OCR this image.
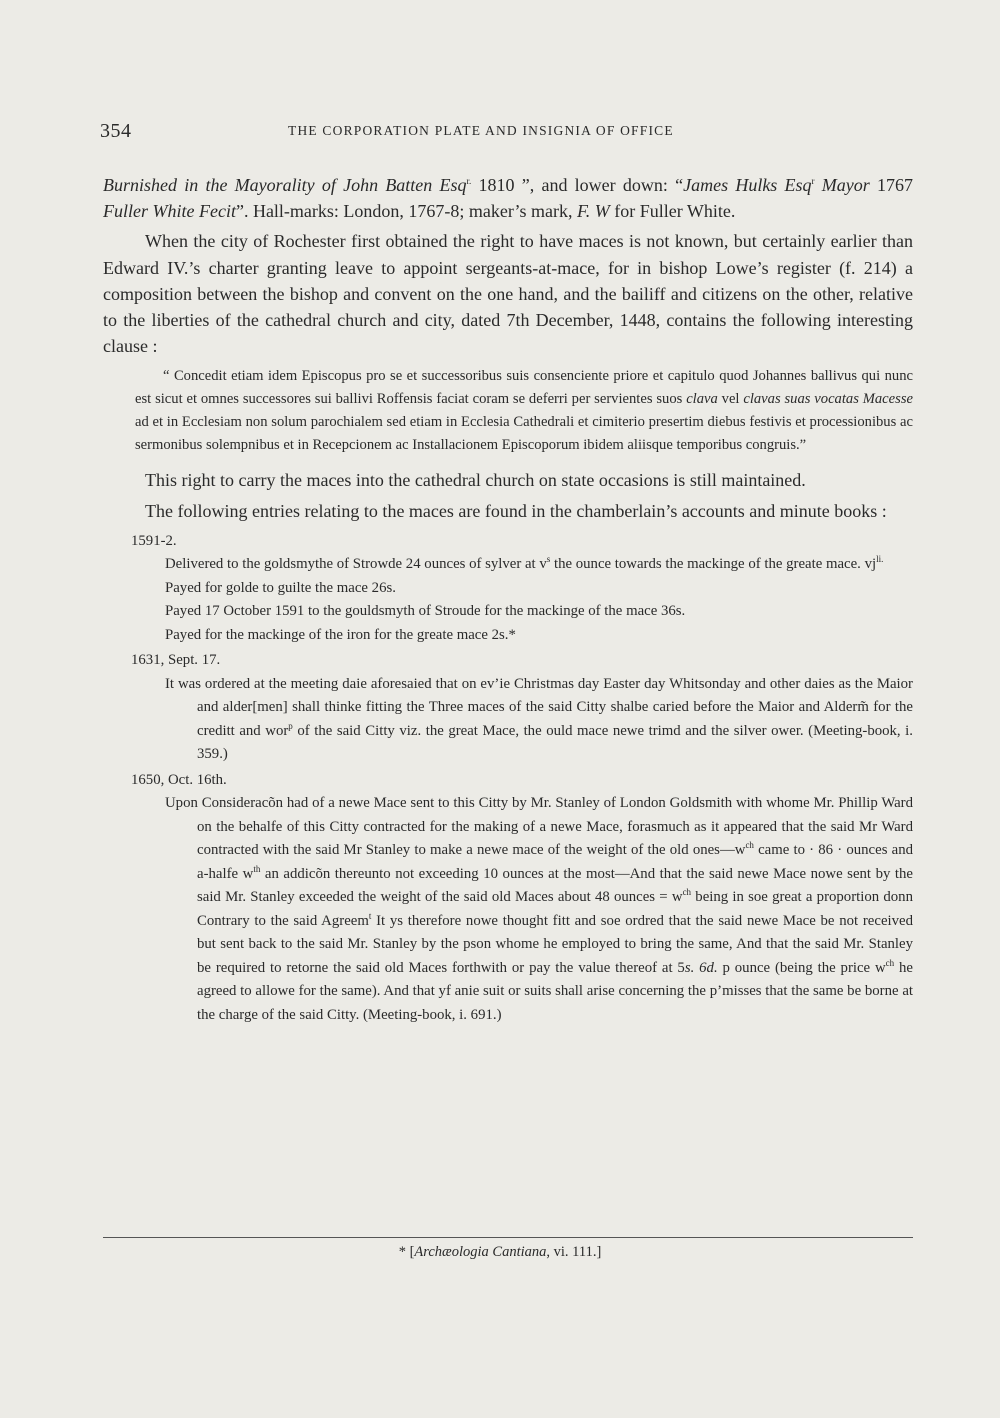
354	THE CORPORATION PLATE AND INSIGNIA OF OFFICE

Burnished in the Mayorality of John Batten Esq$^{r.}$ 1810 ”, and lower down: “James Hulks Esq$^r$ Mayor 1767 Fuller White Fecit”. Hall-marks: London, 1767-8; maker’s mark, F. W for Fuller White.

When the city of Rochester first obtained the right to have maces is not known, but certainly earlier than Edward IV.’s charter granting leave to appoint sergeants-at-mace, for in bishop Lowe’s register (f. 214) a composition between the bishop and convent on the one hand, and the bailiff and citizens on the other, relative to the liberties of the cathedral church and city, dated 7th December, 1448, contains the following interesting clause :

“ Concedit etiam idem Episcopus pro se et successoribus suis consenciente priore et capitulo quod Johannes ballivus qui nunc est sicut et omnes successores sui ballivi Roffensis faciat coram se deferri per servientes suos clava vel clavas suas vocatas Macesse ad et in Ecclesiam non solum parochialem sed etiam in Ecclesia Cathedrali et cimiterio presertim diebus festivis et processionibus ac sermonibus solempnibus et in Recepcionem ac Installacionem Episcoporum ibidem aliisque temporibus congruis.”

This right to carry the maces into the cathedral church on state occasions is still maintained.

The following entries relating to the maces are found in the chamberlain’s accounts and minute books :

1591-2.
Delivered to the goldsmythe of Strowde 24 ounces of sylver at $v^s$ the ounce towards the mackinge of the greate mace. $vj^{li.}$
Payed for golde to guilte the mace 26s.
Payed 17 October 1591 to the gouldsmyth of Stroude for the mackinge of the mace 36s.
Payed for the mackinge of the iron for the greate mace 2s.*
1631, Sept. 17.
It was ordered at the meeting daie aforesaied that on ev’ie Christmas day Easter day Whitsonday and other daies as the Maior and alder[men] shall thinke fitting the Three maces of the said Citty shalbe caried before the Maior and Alderm̃ for the creditt and wor$^p$ of the said Citty viz. the great Mace, the ould mace newe trimd and the silver ower. (Meeting-book, i. 359.)
1650, Oct. 16th.
Upon Consideracõn had of a newe Mace sent to this Citty by Mr. Stanley of London Goldsmith with whome Mr. Phillip Ward on the behalfe of this Citty contracted for the making of a newe Mace, forasmuch as it appeared that the said Mr Ward contracted with the said Mr Stanley to make a newe mace of the weight of the old $ones—w^{ch}$ came to · 86 · ounces and a-halfe $w^{th}$ an addicõn thereunto not exceeding 10 ounces at the most—And that the said newe Mace nowe sent by the said Mr. Stanley exceeded the weight of the said old Maces about 48 ounces = $w^{ch}$ being in soe great a proportion donn Contrary to the said Agreem$^t$ It ys therefore nowe thought fitt and soe ordred that the said newe Mace be not received but sent back to the said Mr. Stanley by the pson whome he employed to bring the same, And that the said Mr. Stanley be required to retorne the said old Maces forthwith or pay the value thereof at 5s. 6d. p ounce (being the price $w^{ch}$ he agreed to allowe for the same). And that yf anie suit or suits shall arise concerning the p’misses that the same be borne at the charge of the said Citty. (Meeting-book, i. 691.)
* [Archæologia Cantiana, vi. 111.]
